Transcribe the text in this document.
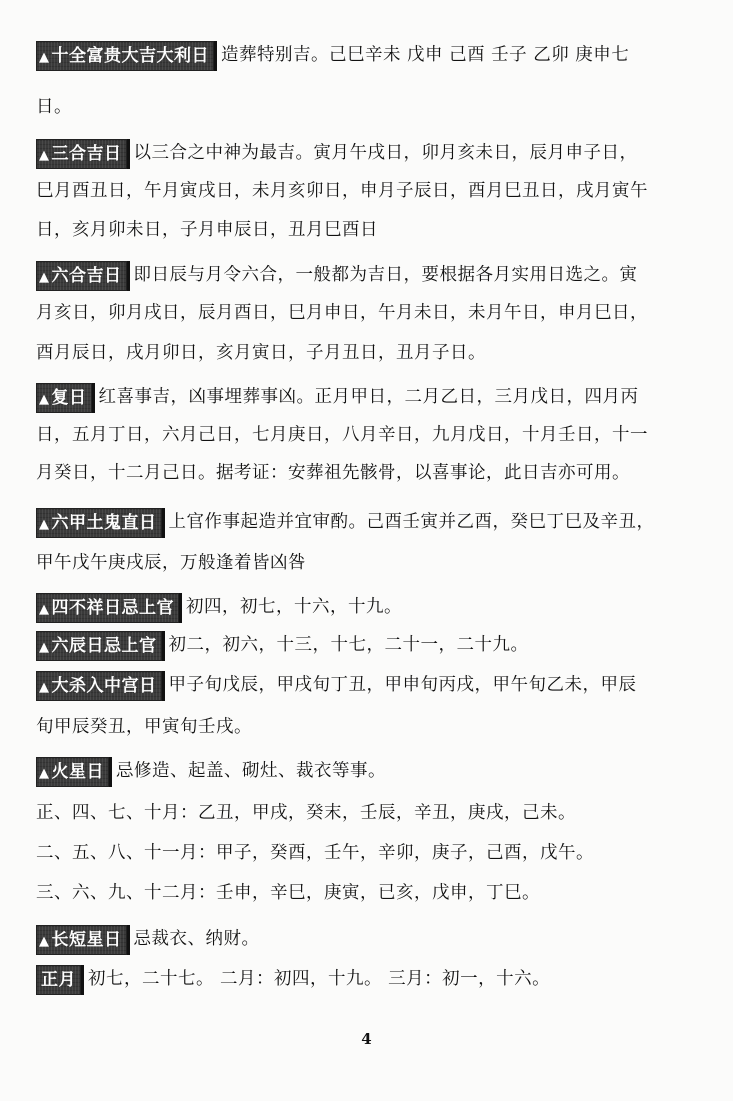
▲ 十全富贵大吉大利日 造葬特别吉。己巳辛未 戊申 己酉 壬子 乙卯 庚申七
日。
▲ 三合吉日 以三合之中神为最吉。寅月午戌日，卯月亥未日，辰月申子日，
巳月酉丑日，午月寅戌日，未月亥卯日，申月子辰日，酉月巳丑日，戌月寅午
日，亥月卯未日，子月申辰日，丑月巳酉日
▲ 六合吉日 即日辰与月令六合，一般都为吉日，要根据各月实用日选之。寅
月亥日，卯月戌日，辰月酉日，巳月申日，午月未日，未月午日，申月巳日，
酉月辰日，戌月卯日，亥月寅日，子月丑日，丑月子日。
▲ 复日 红喜事吉，凶事埋葬事凶。正月甲日，二月乙日，三月戊日，四月丙
日，五月丁日，六月己日，七月庚日，八月辛日，九月戊日，十月壬日，十一
月癸日，十二月己日。据考证：安葬祖先骸骨，以喜事论，此日吉亦可用。
▲ 六甲土鬼直日 上官作事起造并宜审酌。己酉壬寅并乙酉，癸巳丁巳及辛丑，
甲午戊午庚戌辰，万般逢着皆凶咎
▲ 四不祥日忌上官 初四，初七，十六，十九。
▲ 六辰日忌上官 初二，初六，十三，十七，二十一，二十九。
▲ 大杀入中宫日 甲子旬戊辰，甲戌旬丁丑，甲申旬丙戌，甲午旬乙未，甲辰
旬甲辰癸丑，甲寅旬壬戌。
▲ 火星日 忌修造、起盖、砌灶、裁衣等事。
正、四、七、十月：乙丑，甲戌，癸末，壬辰，辛丑，庚戌，己未。
二、五、八、十一月：甲子，癸酉，壬午，辛卯，庚子，己酉，戊午。
三、六、九、十二月：壬申，辛巳，庚寅，已亥，戊申，丁巳。
▲ 长短星日 忌裁衣、纳财。
正月 初七，二十七。 二月：初四，十九。 三月：初一，十六。
4
